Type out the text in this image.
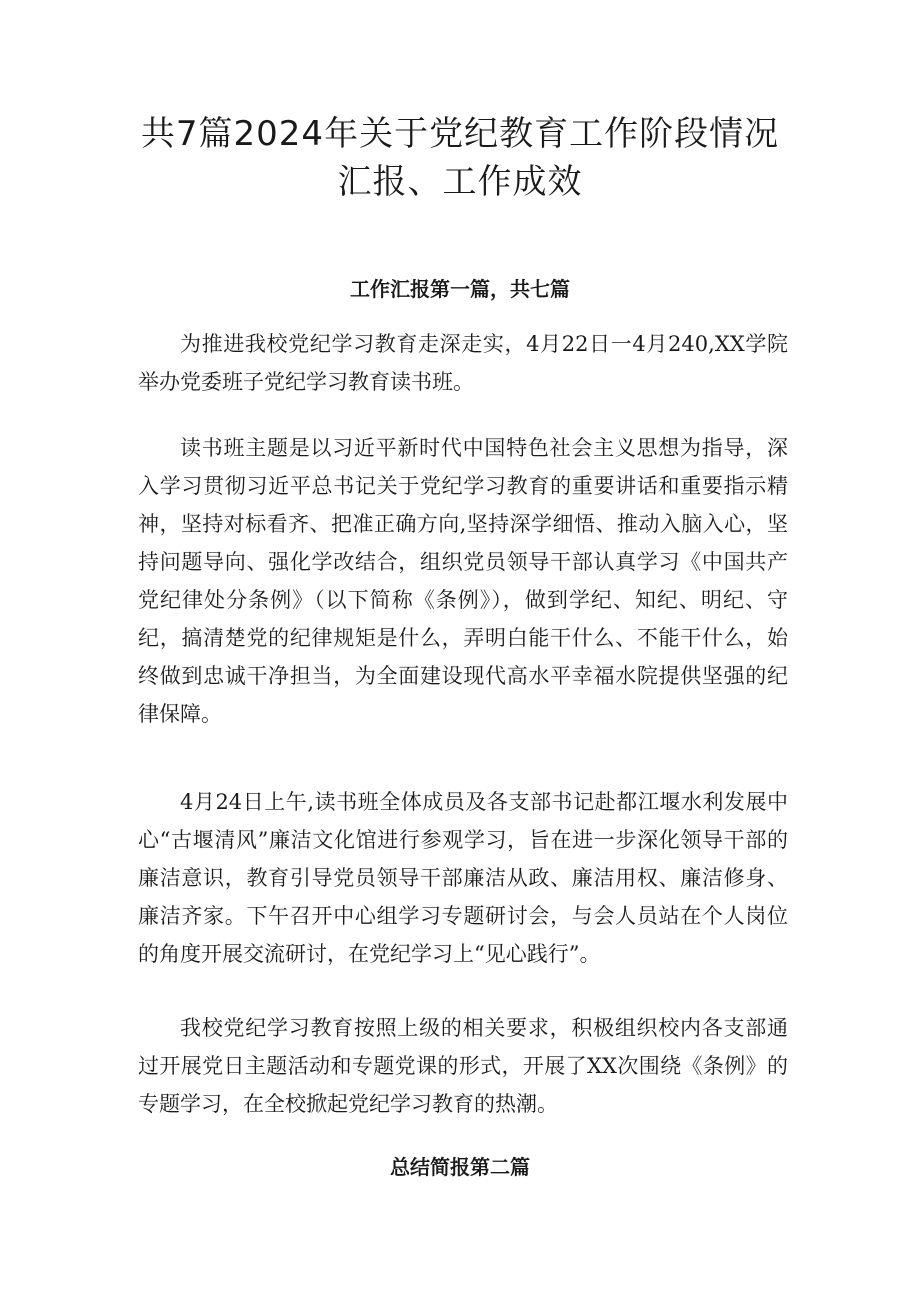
共7篇2024年关于党纪教育工作阶段情况
汇报、工作成效
工作汇报第一篇，共七篇

为推进我校党纪学习教育走深走实，4月22日一4月240,XX学院举办党委班子党纪学习教育读书班。

读书班主题是以习近平新时代中国特色社会主义思想为指导，深入学习贯彻习近平总书记关于党纪学习教育的重要讲话和重要指示精神，坚持对标看齐、把准正确方向,坚持深学细悟、推动入脑入心，坚持问题导向、强化学改结合，组织党员领导干部认真学习《中国共产党纪律处分条例》（以下简称《条例》），做到学纪、知纪、明纪、守纪，搞清楚党的纪律规矩是什么，弄明白能干什么、不能干什么，始终做到忠诚干净担当，为全面建设现代高水平幸福水院提供坚强的纪律保障。

4月24日上午,读书班全体成员及各支部书记赴都江堰水利发展中心“古堰清风”廉洁文化馆进行参观学习，旨在进一步深化领导干部的廉洁意识，教育引导党员领导干部廉洁从政、廉洁用权、廉洁修身、廉洁齐家。下午召开中心组学习专题研讨会，与会人员站在个人岗位的角度开展交流研讨，在党纪学习上“见心践行”。

我校党纪学习教育按照上级的相关要求，积极组织校内各支部通过开展党日主题活动和专题党课的形式，开展了XX次围绕《条例》的专题学习，在全校掀起党纪学习教育的热潮。

总结简报第二篇
